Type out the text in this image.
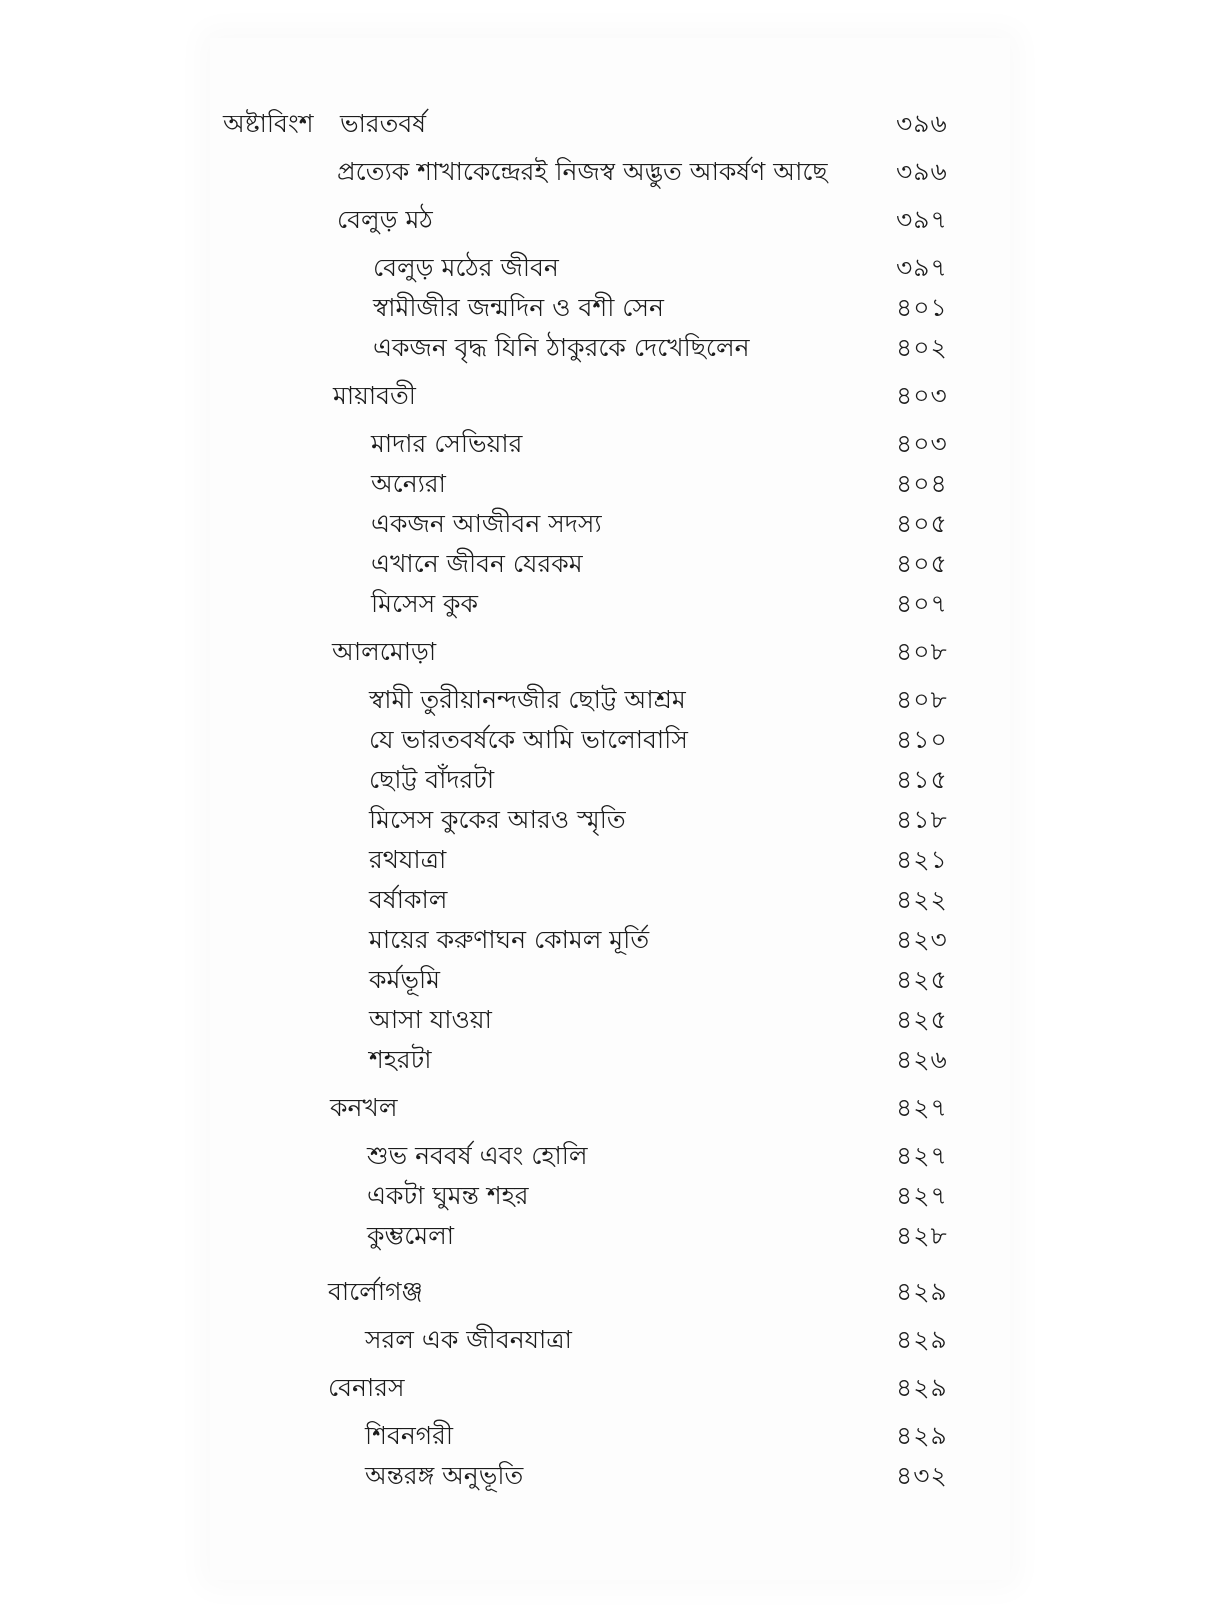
অষ্টাবিংশ ভারতবর্ষ	৩৯৬
প্রত্যেক শাখাকেন্দ্রেরই নিজস্ব অদ্ভুত আকর্ষণ আছে	৩৯৬
বেলুড় মঠ	৩৯৭
বেলুড় মঠের জীবন	৩৯৭
স্বামীজীর জন্মদিন ও বশী সেন	৪০১
একজন বৃদ্ধ যিনি ঠাকুরকে দেখেছিলেন	৪০২
মায়াবতী	৪০৩
মাদার সেভিয়ার	৪০৩
অন্যেরা	৪০৪
একজন আজীবন সদস্য	৪০৫
এখানে জীবন যেরকম	৪০৫
মিসেস কুক	৪০৭
আলমোড়া	৪০৮
স্বামী তুরীয়ানন্দজীর ছোট্ট আশ্রম	৪০৮
যে ভারতবর্ষকে আমি ভালোবাসি	৪১০
ছোট্ট বাঁদরটা	৪১৫
মিসেস কুকের আরও স্মৃতি	৪১৮
রথযাত্রা	৪২১
বর্ষাকাল	৪২২
মায়ের করুণাঘন কোমল মূর্তি	৪২৩
কর্মভূমি	৪২৫
আসা যাওয়া	৪২৫
শহরটা	৪২৬
কনখল	৪২৭
শুভ নববর্ষ এবং হোলি	৪২৭
একটা ঘুমন্ত শহর	৪২৭
কুম্ভমেলা	৪২৮
বার্লোগঞ্জ	৪২৯
সরল এক জীবনযাত্রা	৪২৯
বেনারস	৪২৯
শিবনগরী	৪২৯
অন্তরঙ্গ অনুভূতি	৪৩২
